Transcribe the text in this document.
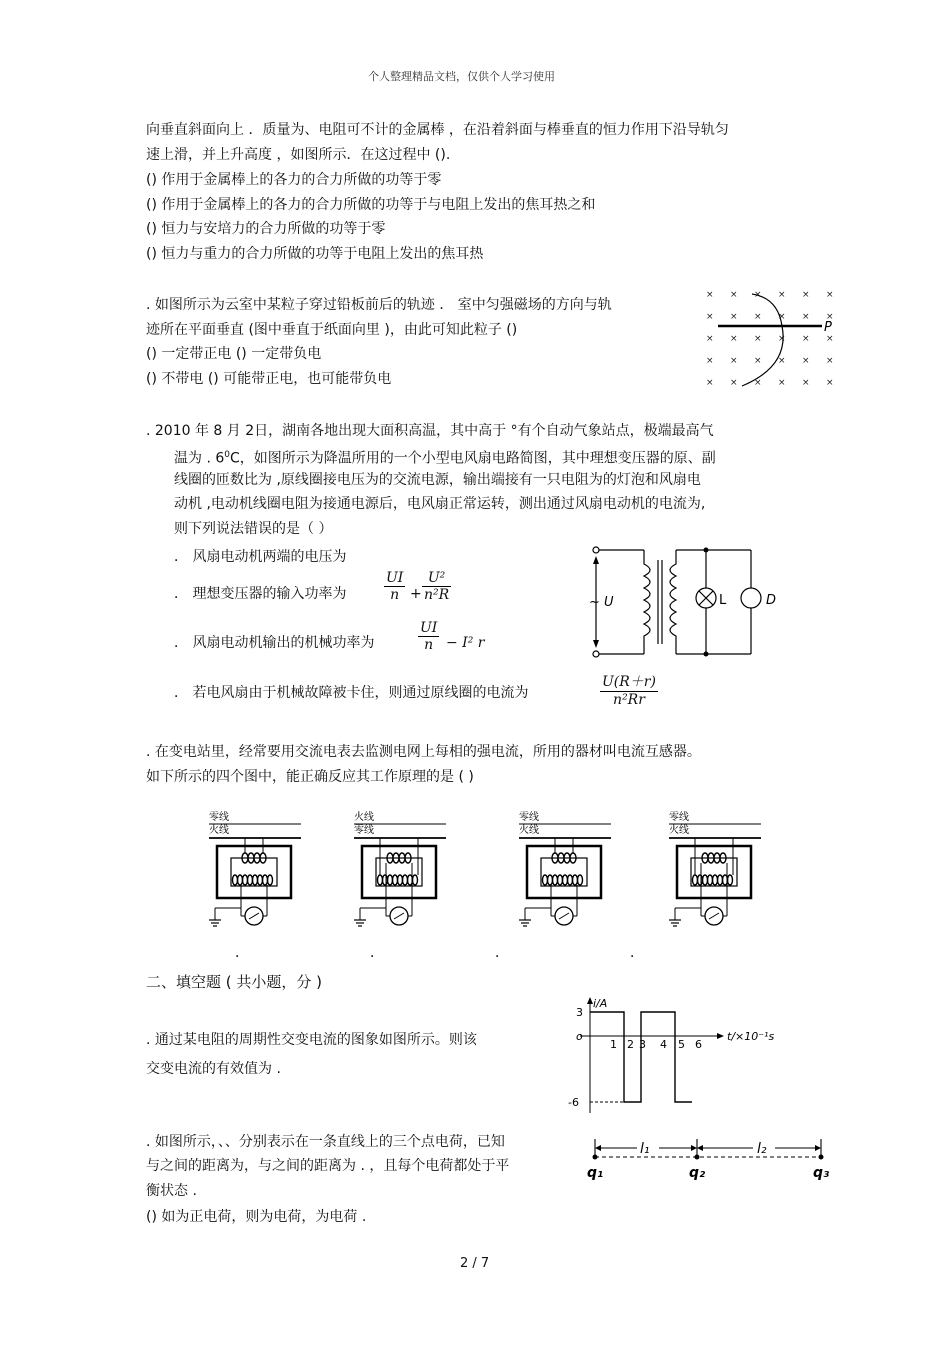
个人整理精品文档，仅供个人学习使用
向垂直斜面向上 ．质量为、电阻可不计的金属棒 ，在沿着斜面与棒垂直的恒力作用下沿导轨匀
速上滑，并上升高度 ，如图所示．在这过程中 ().
() 作用于金属棒上的各力的合力所做的功等于零
() 作用于金属棒上的各力的合力所做的功等于与电阻上发出的焦耳热之和
() 恒力与安培力的合力所做的功等于零
() 恒力与重力的合力所做的功等于电阻上发出的焦耳热
. 如图所示为云室中某粒子穿过铅板前后的轨迹 ． 室中匀强磁场的方向与轨
迹所在平面垂直 (图中垂直于纸面向里 )，由此可知此粒子 ()
() 一定带正电 () 一定带负电
() 不带电 () 可能带正电，也可能带负电
× × × × × ×
× × × × × ×
× × × × × ×
× × × × × ×
× × × × × ×
P
. 2010 年 8 月 2日，湖南各地出现大面积高温，其中高于 °有个自动气象站点，极端最高气
温为 . $6^0C$，如图所示为降温所用的一个小型电风扇电路简图，其中理想变压器的原、副
线圈的匝数比为 ,原线圈接电压为的交流电源，输出端接有一只电阻为的灯泡和风扇电
动机 ,电动机线圈电阻为接通电源后，电风扇正常运转，测出通过风扇电动机的电流为,
则下列说法错误的是（ ）
． 风扇电动机两端的电压为
． 理想变压器的输入功率为
． 风扇电动机输出的机械功率为
． 若电风扇由于机械故障被卡住，则通过原线圈的电流为
UI
n +
U²
n²R
$\frac{UI}{n} - I^2$ r
$\frac{U(R+r)}{\text{n²Rr}}$
~ U	L	D
. 在变电站里，经常要用交流电表去监测电网上每相的强电流，所用的器材叫电流互感器。
如下所示的四个图中，能正确反应其工作原理的是 ( )
零线
火线
．
火线
零线
．
零线
火线
．
零线
火线
．
二、填空题 ( 共小题，分 )
. 通过某电阻的周期性交变电流的图象如图所示。则该
交变电流的有效值为 .
1 2 3 4 5 6
3
o
-6
i/A
t/×10⁻¹s
. 如图所示，、、分别表示在一条直线上的三个点电荷，已知
与之间的距离为，与之间的距离为 . ，且每个电荷都处于平
衡状态 .
() 如为正电荷，则为电荷，为电荷 .
l₁	l₂
q₁	q₂	q₃
2 / 7
